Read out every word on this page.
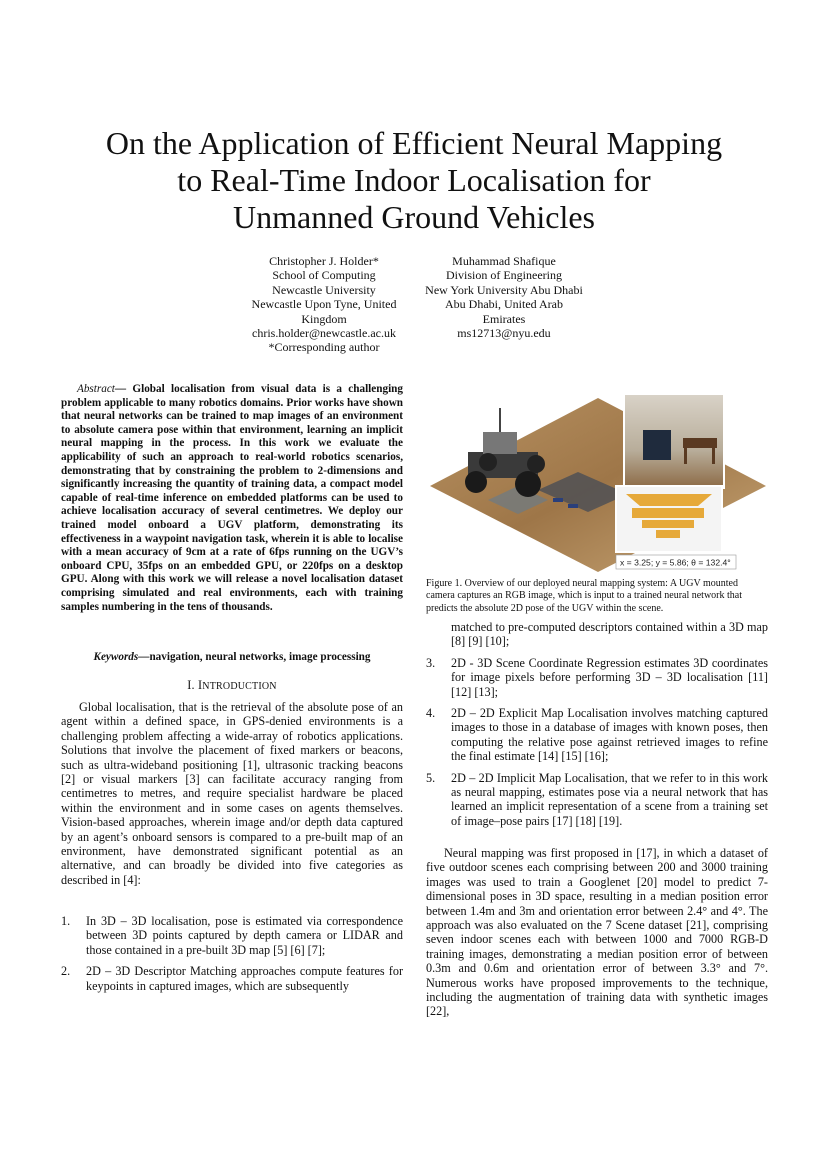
On the Application of Efficient Neural Mapping
to Real-Time Indoor Localisation for
Unmanned Ground Vehicles
Christopher J. Holder*
School of Computing
Newcastle University
Newcastle Upon Tyne, United
Kingdom
chris.holder@newcastle.ac.uk
*Corresponding author
Muhammad Shafique
Division of Engineering
New York University Abu Dhabi
Abu Dhabi, United Arab
Emirates
ms12713@nyu.edu

Abstract— Global localisation from visual data is a challenging problem applicable to many robotics domains. Prior works have shown that neural networks can be trained to map images of an environment to absolute camera pose within that environment, learning an implicit neural mapping in the process. In this work we evaluate the applicability of such an approach to real-world robotics scenarios, demonstrating that by constraining the problem to 2-dimensions and significantly increasing the quantity of training data, a compact model capable of real-time inference on embedded platforms can be used to achieve localisation accuracy of several centimetres. We deploy our trained model onboard a UGV platform, demonstrating its effectiveness in a waypoint navigation task, wherein it is able to localise with a mean accuracy of 9cm at a rate of 6fps running on the UGV’s onboard CPU, 35fps on an embedded GPU, or 220fps on a desktop GPU. Along with this work we will release a novel localisation dataset comprising simulated and real environments, each with training samples numbering in the tens of thousands.

Keywords—navigation, neural networks, image processing
I. INTRODUCTION

Global localisation, that is the retrieval of the absolute pose of an agent within a defined space, in GPS-denied environments is a challenging problem affecting a wide-array of robotics applications. Solutions that involve the placement of fixed markers or beacons, such as ultra-wideband positioning [1], ultrasonic tracking beacons [2] or visual markers [3] can facilitate accuracy ranging from centimetres to metres, and require specialist hardware be placed within the environment and in some cases on agents themselves. Vision-based approaches, wherein image and/or depth data captured by an agent’s onboard sensors is compared to a pre-built map of an environment, have demonstrated significant potential as an alternative, and can broadly be divided into five categories as described in [4]:

1. In 3D – 3D localisation, pose is estimated via correspondence between 3D points captured by depth camera or LIDAR and those contained in a pre-built 3D map [5] [6] [7];
2. 2D – 3D Descriptor Matching approaches compute features for keypoints in captured images, which are subsequently
x = 3.25; y = 5.86; θ = 132.4°
Figure 1. Overview of our deployed neural mapping system: A UGV mounted camera captures an RGB image, which is input to a trained neural network that predicts the absolute 2D pose of the UGV within the scene.
matched to pre-computed descriptors contained within a 3D map [8] [9] [10];
3. 2D - 3D Scene Coordinate Regression estimates 3D coordinates for image pixels before performing 3D – 3D localisation [11] [12] [13];
4. 2D – 2D Explicit Map Localisation involves matching captured images to those in a database of images with known poses, then computing the relative pose against retrieved images to refine the final estimate [14] [15] [16];
5. 2D – 2D Implicit Map Localisation, that we refer to in this work as neural mapping, estimates pose via a neural network that has learned an implicit representation of a scene from a training set of image–pose pairs [17] [18] [19].

Neural mapping was first proposed in [17], in which a dataset of five outdoor scenes each comprising between 200 and 3000 training images was used to train a Googlenet [20] model to predict 7-dimensional poses in 3D space, resulting in a median position error between 1.4m and 3m and orientation error between 2.4° and 4°. The approach was also evaluated on the 7 Scene dataset [21], comprising seven indoor scenes each with between 1000 and 7000 RGB-D training images, demonstrating a median position error of between 0.3m and 0.6m and orientation error of between 3.3° and 7°. Numerous works have proposed improvements to the technique, including the augmentation of training data with synthetic images [22],
